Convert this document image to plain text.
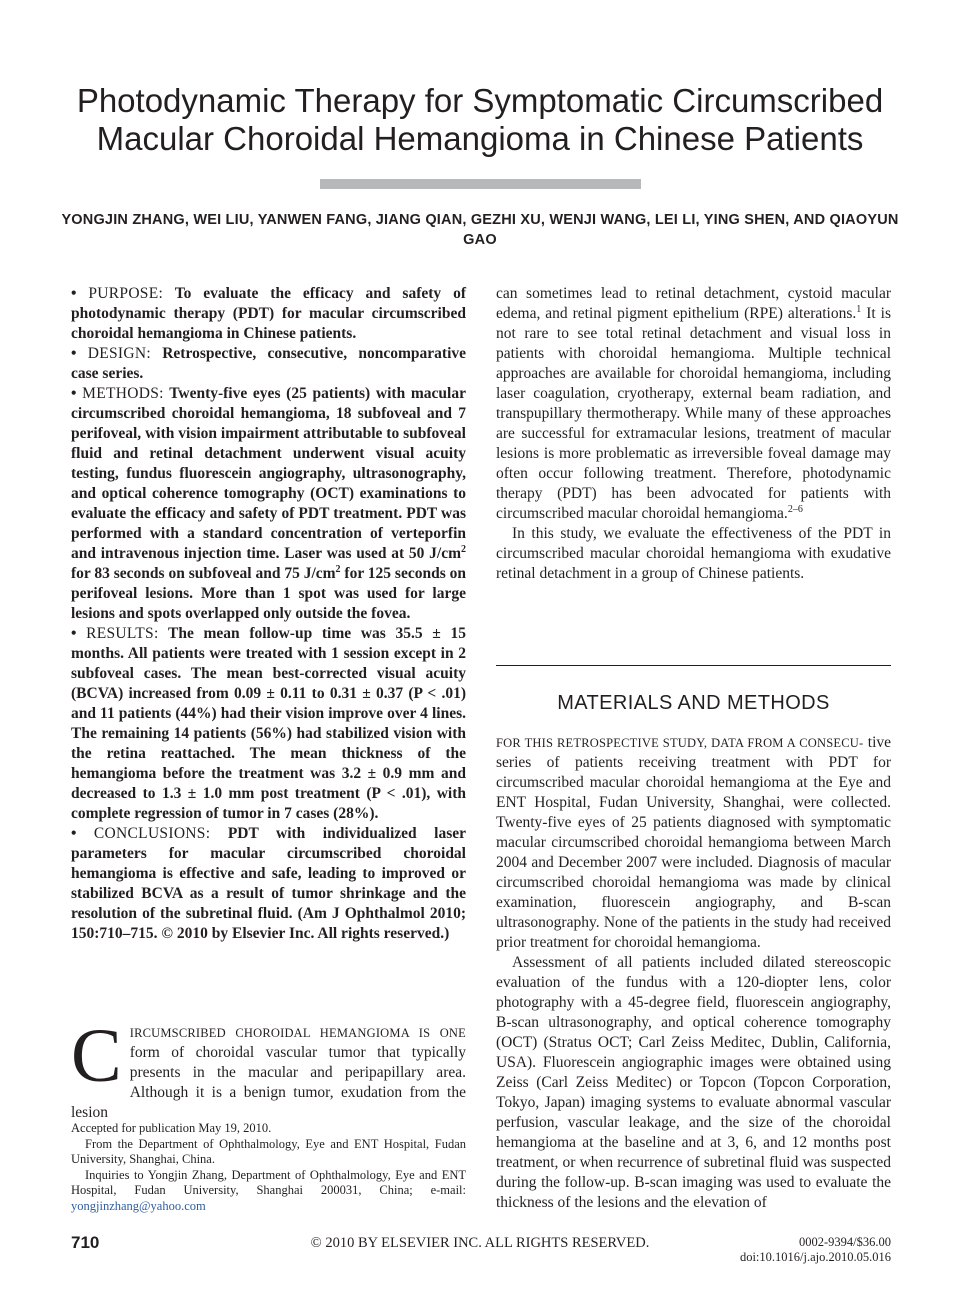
Photodynamic Therapy for Symptomatic Circumscribed Macular Choroidal Hemangioma in Chinese Patients
YONGJIN ZHANG, WEI LIU, YANWEN FANG, JIANG QIAN, GEZHI XU, WENJI WANG, LEI LI, YING SHEN, AND QIAOYUN GAO

• PURPOSE: To evaluate the efficacy and safety of photodynamic therapy (PDT) for macular circumscribed choroidal hemangioma in Chinese patients.

• DESIGN: Retrospective, consecutive, noncomparative case series.

• METHODS: Twenty-five eyes (25 patients) with macular circumscribed choroidal hemangioma, 18 subfoveal and 7 perifoveal, with vision impairment attributable to subfoveal fluid and retinal detachment underwent visual acuity testing, fundus fluorescein angiography, ultrasonography, and optical coherence tomography (OCT) examinations to evaluate the efficacy and safety of PDT treatment. PDT was performed with a standard concentration of verteporfin and intravenous injection time. Laser was used at 50 $J/cm^2$ for 83 seconds on subfoveal and 75 $J/cm^2$ for 125 seconds on perifoveal lesions. More than 1 spot was used for large lesions and spots overlapped only outside the fovea.

• RESULTS: The mean follow-up time was 35.5 ± 15 months. All patients were treated with 1 session except in 2 subfoveal cases. The mean best-corrected visual acuity (BCVA) increased from 0.09 ± 0.11 to 0.31 ± 0.37 (P < .01) and 11 patients (44%) had their vision improve over 4 lines. The remaining 14 patients (56%) had stabilized vision with the retina reattached. The mean thickness of the hemangioma before the treatment was 3.2 ± 0.9 mm and decreased to 1.3 ± 1.0 mm post treatment (P < .01), with complete regression of tumor in 7 cases (28%).

• CONCLUSIONS: PDT with individualized laser parameters for macular circumscribed choroidal hemangioma is effective and safe, leading to improved or stabilized BCVA as a result of tumor shrinkage and the resolution of the subretinal fluid. (Am J Ophthalmol 2010; 150:710–715. © 2010 by Elsevier Inc. All rights reserved.)

CIRCUMSCRIBED CHOROIDAL HEMANGIOMA IS ONE form of choroidal vascular tumor that typically presents in the macular and peripapillary area. Although it is a benign tumor, exudation from the lesion

Accepted for publication May 19, 2010.

From the Department of Ophthalmology, Eye and ENT Hospital, Fudan University, Shanghai, China.

Inquiries to Yongjin Zhang, Department of Ophthalmology, Eye and ENT Hospital, Fudan University, Shanghai 200031, China; e-mail: yongjinzhang@yahoo.com

can sometimes lead to retinal detachment, cystoid macular edema, and retinal pigment epithelium (RPE) alterations.$^1$ It is not rare to see total retinal detachment and visual loss in patients with choroidal hemangioma. Multiple technical approaches are available for choroidal hemangioma, including laser coagulation, cryotherapy, external beam radiation, and transpupillary thermotherapy. While many of these approaches are successful for extramacular lesions, treatment of macular lesions is more problematic as irreversible foveal damage may often occur following treatment. Therefore, photodynamic therapy (PDT) has been advocated for patients with circumscribed macular choroidal hemangioma.$^{2-6}$

In this study, we evaluate the effectiveness of the PDT in circumscribed macular choroidal hemangioma with exudative retinal detachment in a group of Chinese patients.

MATERIALS AND METHODS

FOR THIS RETROSPECTIVE STUDY, DATA FROM A CONSECU- tive series of patients receiving treatment with PDT for circumscribed macular choroidal hemangioma at the Eye and ENT Hospital, Fudan University, Shanghai, were collected. Twenty-five eyes of 25 patients diagnosed with symptomatic macular circumscribed choroidal hemangioma between March 2004 and December 2007 were included. Diagnosis of macular circumscribed choroidal hemangioma was made by clinical examination, fluorescein angiography, and B-scan ultrasonography. None of the patients in the study had received prior treatment for choroidal hemangioma.

Assessment of all patients included dilated stereoscopic evaluation of the fundus with a 120-diopter lens, color photography with a 45-degree field, fluorescein angiography, B-scan ultrasonography, and optical coherence tomography (OCT) (Stratus OCT; Carl Zeiss Meditec, Dublin, California, USA). Fluorescein angiographic images were obtained using Zeiss (Carl Zeiss Meditec) or Topcon (Topcon Corporation, Tokyo, Japan) imaging systems to evaluate abnormal vascular perfusion, vascular leakage, and the size of the choroidal hemangioma at the baseline and at 3, 6, and 12 months post treatment, or when recurrence of subretinal fluid was suspected during the follow-up. B-scan imaging was used to evaluate the thickness of the lesions and the elevation of

710	© 2010 BY ELSEVIER INC. ALL RIGHTS RESERVED.	0002-9394/$36.00
doi:10.1016/j.ajo.2010.05.016
